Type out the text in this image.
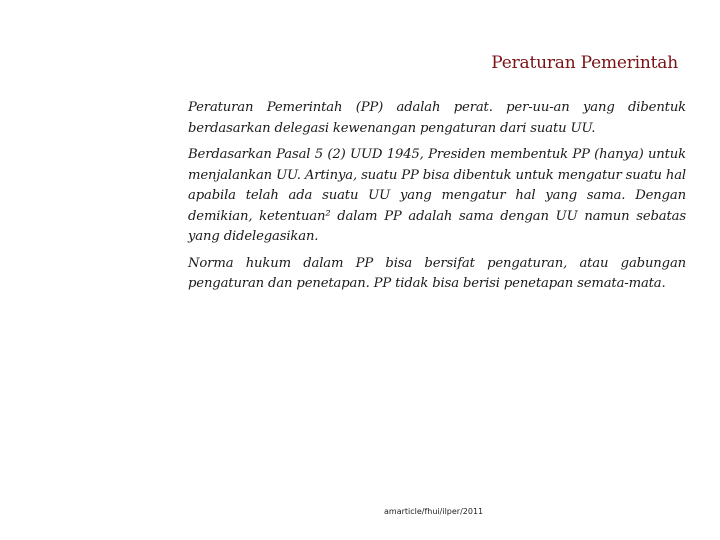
Peraturan Pemerintah

Peraturan Pemerintah (PP) adalah perat. per-uu-an yang dibentuk berdasarkan delegasi kewenangan pengaturan dari suatu UU.

Berdasarkan Pasal 5 (2) UUD 1945, Presiden membentuk PP (hanya) untuk menjalankan UU. Artinya, suatu PP bisa dibentuk untuk mengatur suatu hal apabila telah ada suatu UU yang mengatur hal yang sama. Dengan demikian, ketentuan² dalam PP adalah sama dengan UU namun sebatas yang didelegasikan.

Norma hukum dalam PP bisa bersifat pengaturan, atau gabungan pengaturan dan penetapan. PP tidak bisa berisi penetapan semata-mata.

amarticle/fhui/ilper/2011
